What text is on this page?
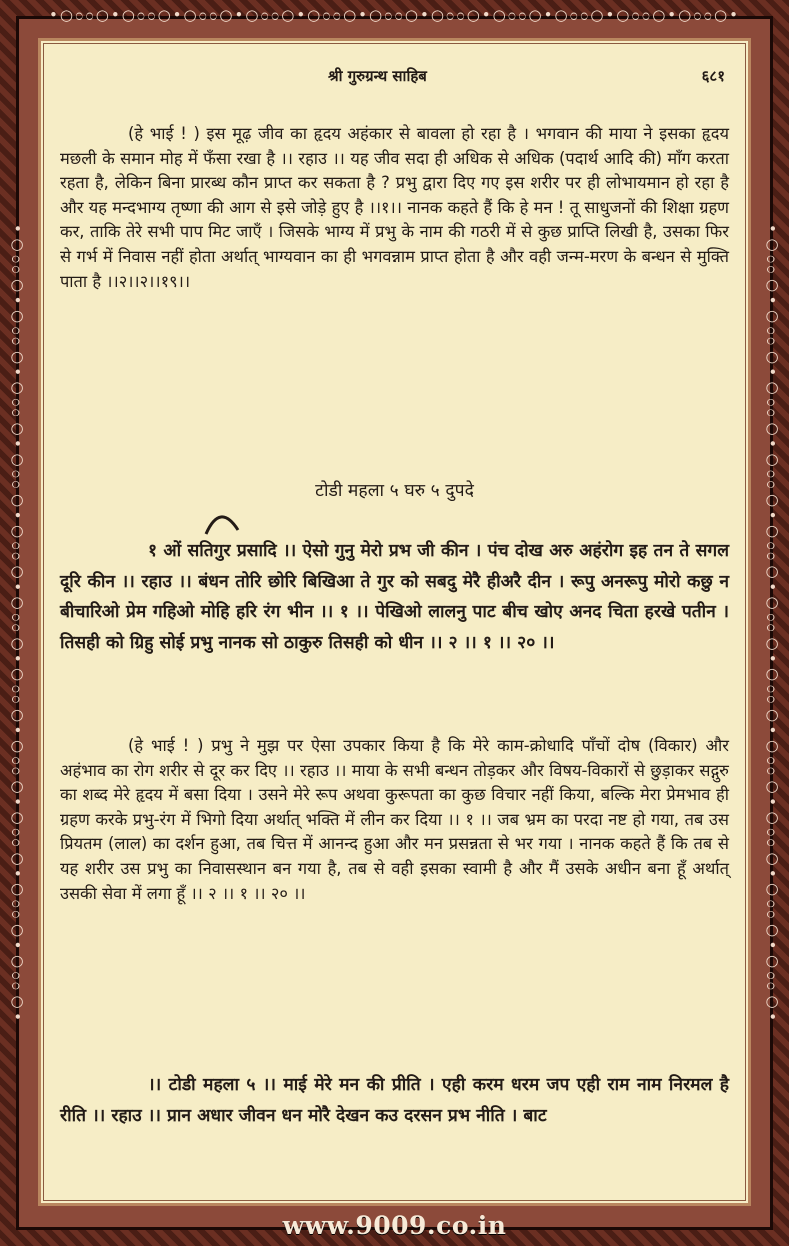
•○೦೦○•○೦೦○•○೦೦○•○೦೦○•○೦೦○•○೦೦○•○೦೦○•○೦೦○•○೦೦○•○೦೦○•○೦೦○•
•○೦೦○•○೦೦○•○೦೦○•○೦೦○•○೦೦○•○೦೦○•○೦೦○•○೦೦○•○೦೦○•○೦೦○•○೦೦○•	•○೦೦○•○೦೦○•○೦೦○•○೦೦○•○೦೦○•○೦೦○•○೦೦○•○೦೦○•○೦೦○•○೦೦○•○೦೦○•
श्री गुरुग्रन्थ साहिब	६८१

(हे भाई ! ) इस मूढ़ जीव का हृदय अहंकार से बावला हो रहा है । भगवान की माया ने इसका हृदय मछली के समान मोह में फँसा रखा है ।। रहाउ ।। यह जीव सदा ही अधिक से अधिक (पदार्थ आदि की) माँग करता रहता है, लेकिन बिना प्रारब्ध कौन प्राप्त कर सकता है ? प्रभु द्वारा दिए गए इस शरीर पर ही लोभायमान हो रहा है और यह मन्दभाग्य तृष्णा की आग से इसे जोड़े हुए है ।।१।। नानक कहते हैं कि हे मन ! तू साधुजनों की शिक्षा ग्रहण कर, ताकि तेरे सभी पाप मिट जाएँ । जिसके भाग्य में प्रभु के नाम की गठरी में से कुछ प्राप्ति लिखी है, उसका फिर से गर्भ में निवास नहीं होता अर्थात् भाग्यवान का ही भगवन्नाम प्राप्त होता है और वही जन्म-मरण के बन्धन से मुक्ति पाता है ।।२।।२।।१९।।

टोडी महला ५ घरु ५ दुपदे

१ ओं सतिगुर प्रसादि ।। ऐसो गुनु मेरो प्रभ जी कीन । पंच दोख अरु अहंरोग इह तन ते सगल दूरि कीन ।। रहाउ ।। बंधन तोरि छोरि बिखिआ ते गुर को सबदु मेरै हीअरै दीन । रूपु अनरूपु मोरो कछु न बीचारिओ प्रेम गहिओ मोहि हरि रंग भीन ।। १ ।। पेखिओ लालनु पाट बीच खोए अनद चिता हरखे पतीन । तिसही को ग्रिहु सोई प्रभु नानक सो ठाकुरु तिसही को धीन ।। २ ।। १ ।। २० ।।

(हे भाई ! ) प्रभु ने मुझ पर ऐसा उपकार किया है कि मेरे काम-क्रोधादि पाँचों दोष (विकार) और अहंभाव का रोग शरीर से दूर कर दिए ।। रहाउ ।। माया के सभी बन्धन तोड़कर और विषय-विकारों से छुड़ाकर सद्गुरु का शब्द मेरे हृदय में बसा दिया । उसने मेरे रूप अथवा कुरूपता का कुछ विचार नहीं किया, बल्कि मेरा प्रेमभाव ही ग्रहण करके प्रभु-रंग में भिगो दिया अर्थात् भक्ति में लीन कर दिया ।। १ ।। जब भ्रम का परदा नष्ट हो गया, तब उस प्रियतम (लाल) का दर्शन हुआ, तब चित्त में आनन्द हुआ और मन प्रसन्नता से भर गया । नानक कहते हैं कि तब से यह शरीर उस प्रभु का निवासस्थान बन गया है, तब से वही इसका स्वामी है और मैं उसके अधीन बना हूँ अर्थात् उसकी सेवा में लगा हूँ ।। २ ।। १ ।। २० ।।

।। टोडी महला ५ ।। माई मेरे मन की प्रीति । एही करम धरम जप एही राम नाम निरमल है रीति ।। रहाउ ।। प्रान अधार जीवन धन मोरै देखन कउ दरसन प्रभ नीति । बाट

www.9009.co.in
